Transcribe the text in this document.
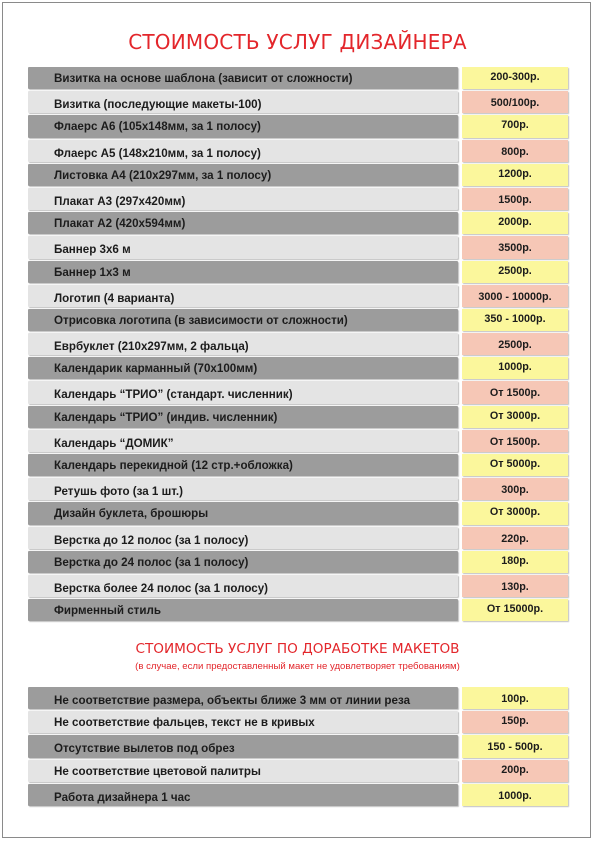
СТОИМОСТЬ УСЛУГ ДИЗАЙНЕРА
Визитка на основе шаблона (зависит от сложности)	200-300р.
Визитка (последующие макеты-100)	500/100р.
Флаерс А6 (105х148мм, за 1 полосу)	700р.
Флаерс А5 (148х210мм, за 1 полосу)	800р.
Листовка А4 (210х297мм, за 1 полосу)	1200р.
Плакат А3 (297х420мм)	1500р.
Плакат А2 (420х594мм)	2000р.
Баннер 3х6 м	3500р.
Баннер 1х3 м	2500р.
Логотип (4 варианта)	3000 - 10000р.
Отрисовка логотипа (в зависимости от сложности)	350 - 1000р.
Еврбуклет (210х297мм, 2 фальца)	2500р.
Календарик карманный (70х100мм)	1000р.
Календарь “ТРИО” (стандарт. численник)	От 1500р.
Календарь “ТРИО” (индив. численник)	От 3000р.
Календарь “ДОМИК”	От 1500р.
Календарь перекидной (12 стр.+обложка)	От 5000р.
Ретушь фото (за 1 шт.)	300р.
Дизайн буклета, брошюры	От 3000р.
Верстка до 12 полос (за 1 полосу)	220р.
Верстка до 24 полос (за 1 полосу)	180р.
Верстка более 24 полос (за 1 полосу)	130р.
Фирменный стиль	От 15000р.
СТОИМОСТЬ УСЛУГ ПО ДОРАБОТКЕ МАКЕТОВ
(в случае, если предоставленный макет не удовлетворяет требованиям)
Не соответствие размера, объекты ближе 3 мм от линии реза	100р.
Не соответствие фальцев, текст не в кривых	150р.
Отсутствие вылетов под обрез	150 - 500р.
Не соответствие цветовой палитры	200р.
Работа дизайнера 1 час	1000р.
